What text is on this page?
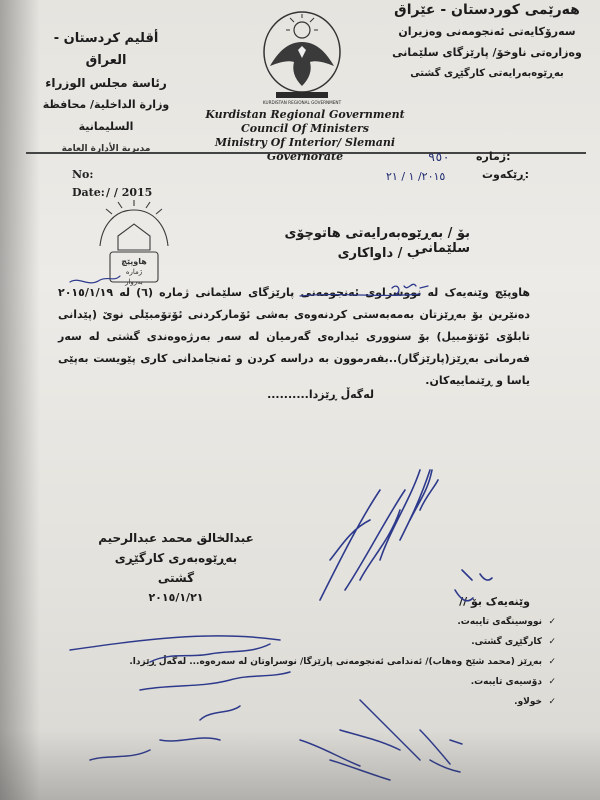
أقليم كردستان - العراق
رئاسة مجلس الوزراء
وزارة الداخلية/ محافظة السليمانية
مديرية الأدارة العامة
KURDISTAN REGIONAL GOVERNMENT
هەرێمی کوردستان - عێراق
سەرۆکایەتی ئەنجومەنی وەزیران
وەزارەتی ناوخۆ/ پارێزگای سلێمانی
بەڕێوەبەرایەتی کارگێڕی گشتی
Kurdistan Regional Government
Council Of Ministers
Ministry Of Interior/ Slemani Governorate
No:
Date: / / 2015
ژمارە:
٩٥٠
ڕێکەوت:
٢٠١٥/ ١ / ٢١
هاوپێچ
ژمارە
بەروار
بۆ / بەڕێوەبەرایەتی هاتوچۆی سلێمانی
ب / داواکاری
هاوپێچ وێنەیەک لە نووسراوی ئەنجومەنی پارێزگای سلێمانی ژمارە (٦) لە ٢٠١٥/١/١٩ دەنێرین بۆ بەڕێزتان بەمەبەستی کردنەوەی بەشی ئۆمارکردنی ئۆتۆمبێلی نوێ (پێدانی تابلۆی ئۆتۆمبیل) بۆ سنووری ئیدارەی گەرمیان لە سەر بەرژەوەندی گشتی لە سەر فەرمانی بەڕێز(پارێزگار)..بفەرموون بە دراسە کردن و ئەنجامدانی کاری پێویست بەپێی یاسا و ڕێنماییەکان.
لەگەڵ ڕێزدا..........
عبدالخالق محمد عبدالرحيم
بەڕێوەبەری کارگێڕی گشتی
٢٠١٥/١/٢١	وێنەیەک بۆ //
✓نووسینگەی تایبەت.
✓کارگێڕی گشتی.
✓بەڕێز (محمد شێخ وەهاب)/ ئەندامی ئەنجومەنی پارێزگا/ نوسراوتان لە سەرەوە... لەگەڵ ڕێزدا.
✓دۆسیەی تایبەت.
✓خولاو.
